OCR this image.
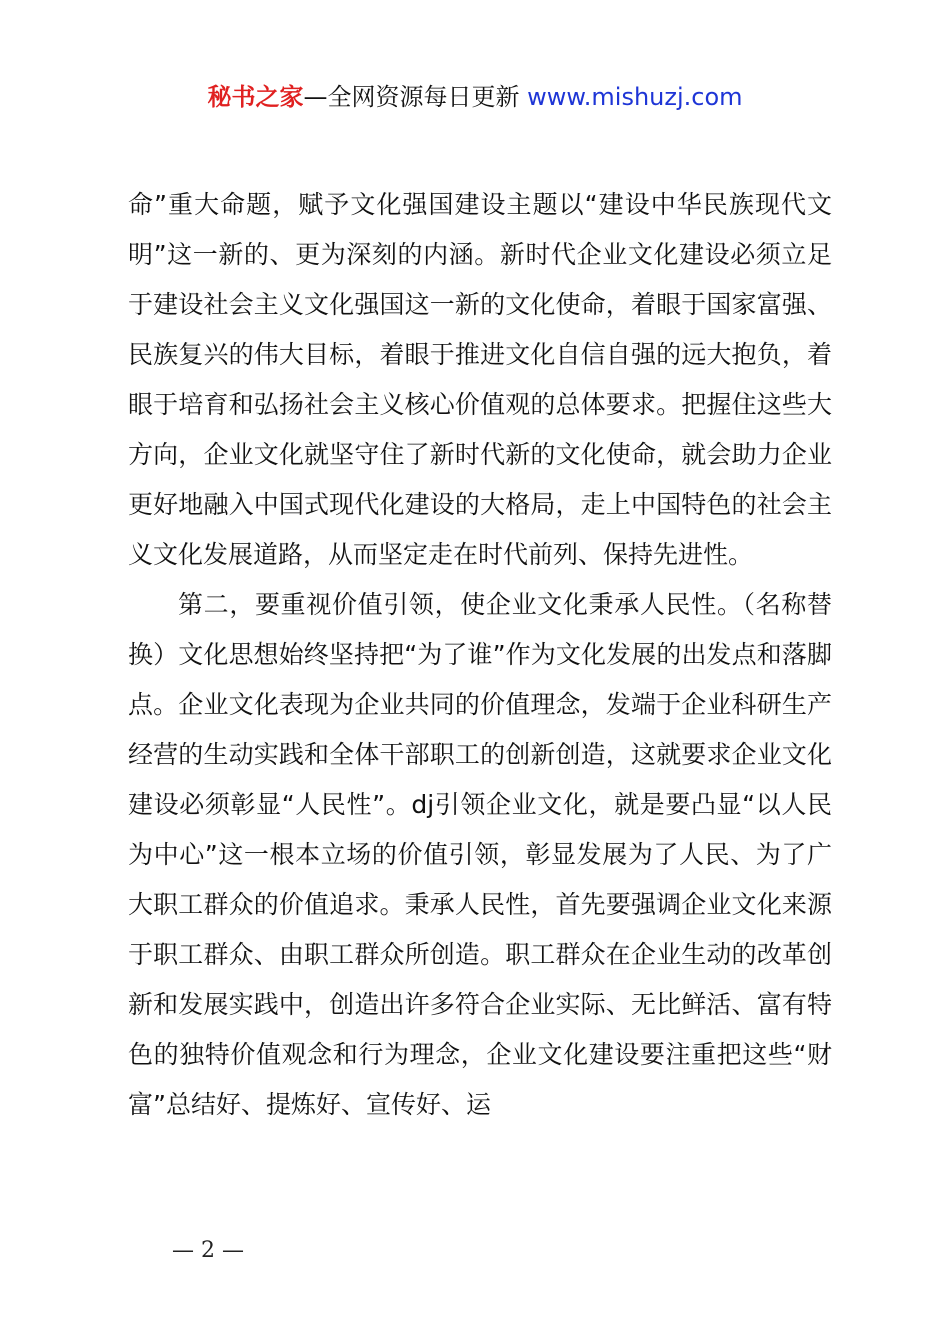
秘书之家—全网资源每日更新 www.mishuzj.com

命”重大命题，赋予文化强国建设主题以“建设中华民族现代文明”这一新的、更为深刻的内涵。新时代企业文化建设必须立足于建设社会主义文化强国这一新的文化使命，着眼于国家富强、民族复兴的伟大目标，着眼于推进文化自信自强的远大抱负，着眼于培育和弘扬社会主义核心价值观的总体要求。把握住这些大方向，企业文化就坚守住了新时代新的文化使命，就会助力企业更好地融入中国式现代化建设的大格局，走上中国特色的社会主义文化发展道路，从而坚定走在时代前列、保持先进性。

第二，要重视价值引领，使企业文化秉承人民性。（名称替换）文化思想始终坚持把“为了谁”作为文化发展的出发点和落脚点。企业文化表现为企业共同的价值理念，发端于企业科研生产经营的生动实践和全体干部职工的创新创造，这就要求企业文化建设必须彰显“人民性”。dj引领企业文化，就是要凸显“以人民为中心”这一根本立场的价值引领，彰显发展为了人民、为了广大职工群众的价值追求。秉承人民性，首先要强调企业文化来源于职工群众、由职工群众所创造。职工群众在企业生动的改革创新和发展实践中，创造出许多符合企业实际、无比鲜活、富有特色的独特价值观念和行为理念，企业文化建设要注重把这些“财富”总结好、提炼好、宣传好、运

— 2 —
